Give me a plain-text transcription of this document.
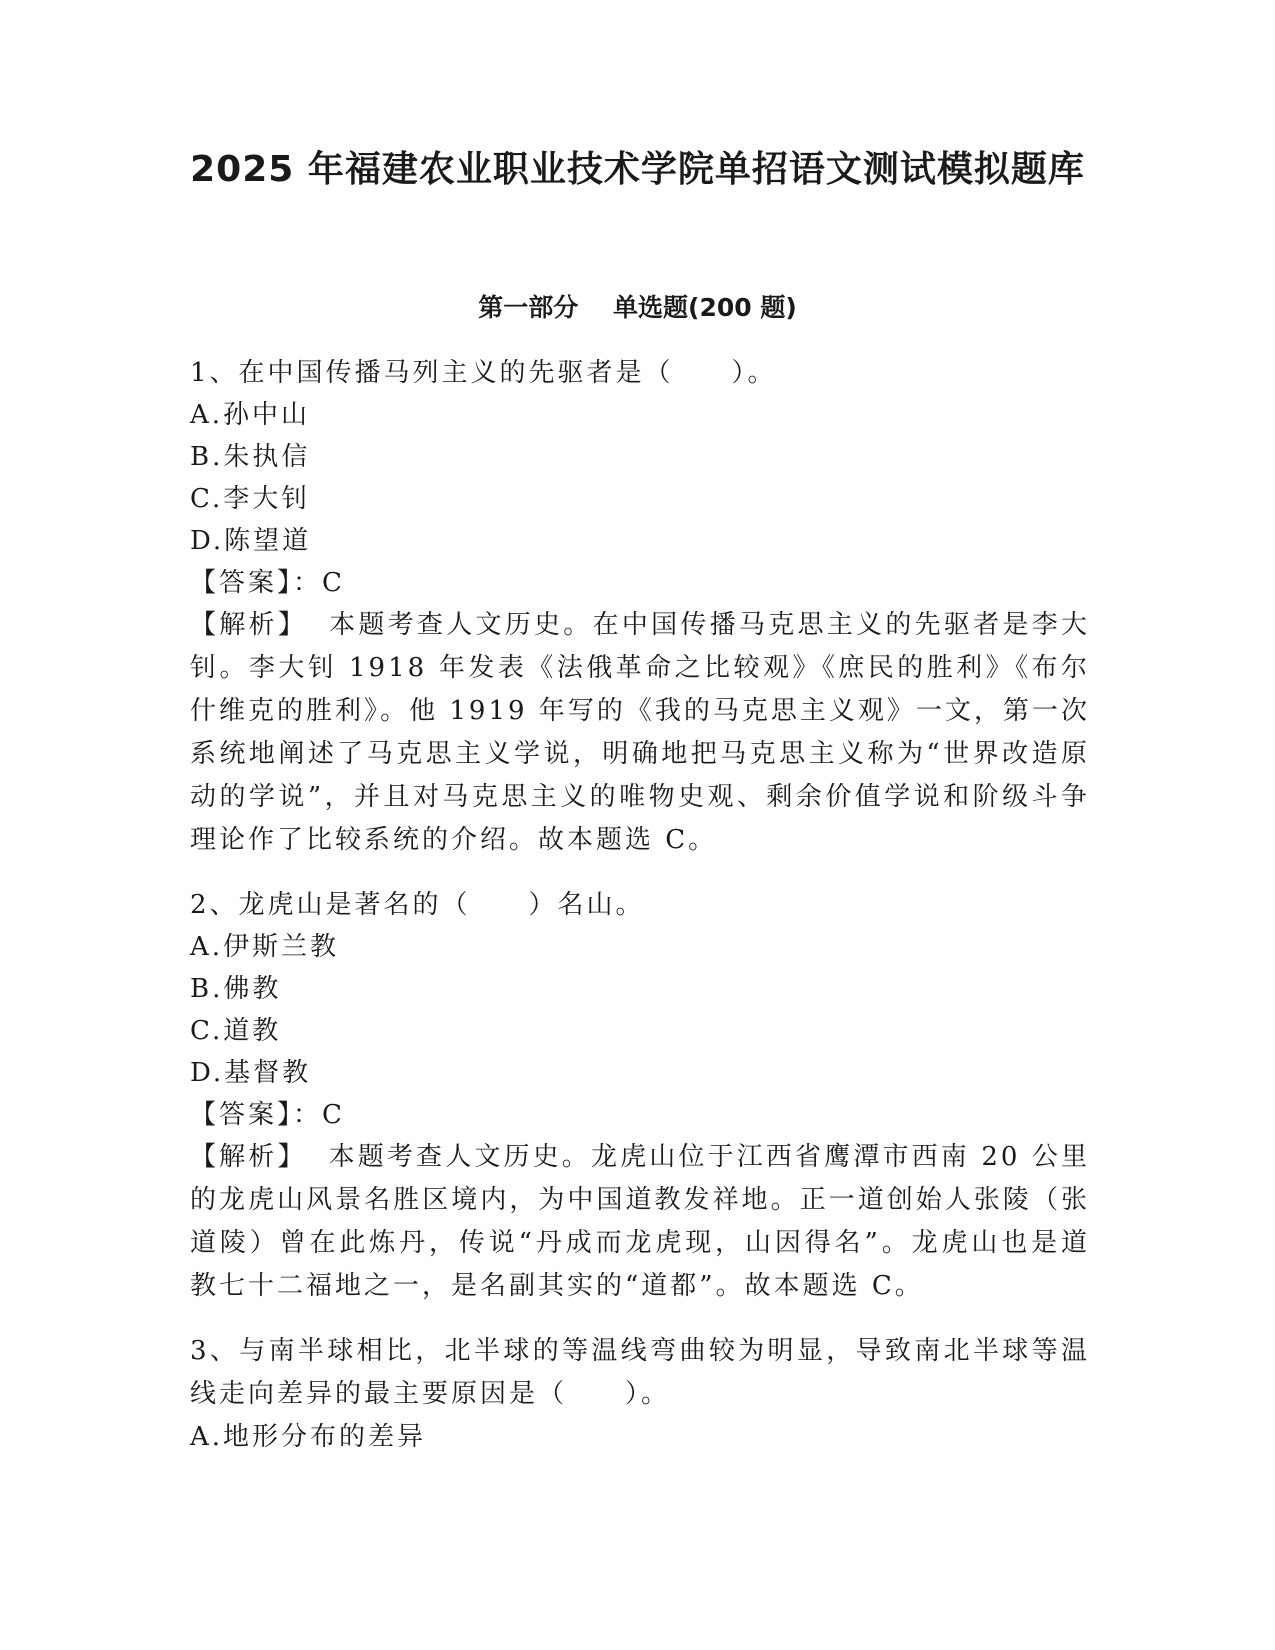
2025 年福建农业职业技术学院单招语文测试模拟题库
第一部分    单选题(200 题)

1、在中国传播马列主义的先驱者是（　　）。

A.孙中山

B.朱执信

C.李大钊

D.陈望道

【答案】：C

【解析】 本题考查人文历史。在中国传播马克思主义的先驱者是李大钊。李大钊 1918 年发表《法俄革命之比较观》《庶民的胜利》《布尔什维克的胜利》。他 1919 年写的《我的马克思主义观》一文，第一次系统地阐述了马克思主义学说，明确地把马克思主义称为“世界改造原动的学说”，并且对马克思主义的唯物史观、剩余价值学说和阶级斗争理论作了比较系统的介绍。故本题选 C。

2、龙虎山是著名的（　　）名山。

A.伊斯兰教

B.佛教

C.道教

D.基督教

【答案】：C

【解析】 本题考查人文历史。龙虎山位于江西省鹰潭市西南 20 公里的龙虎山风景名胜区境内，为中国道教发祥地。正一道创始人张陵（张道陵）曾在此炼丹，传说“丹成而龙虎现，山因得名”。龙虎山也是道教七十二福地之一，是名副其实的“道都”。故本题选 C。

3、与南半球相比，北半球的等温线弯曲较为明显，导致南北半球等温线走向差异的最主要原因是（　　）。

A.地形分布的差异
